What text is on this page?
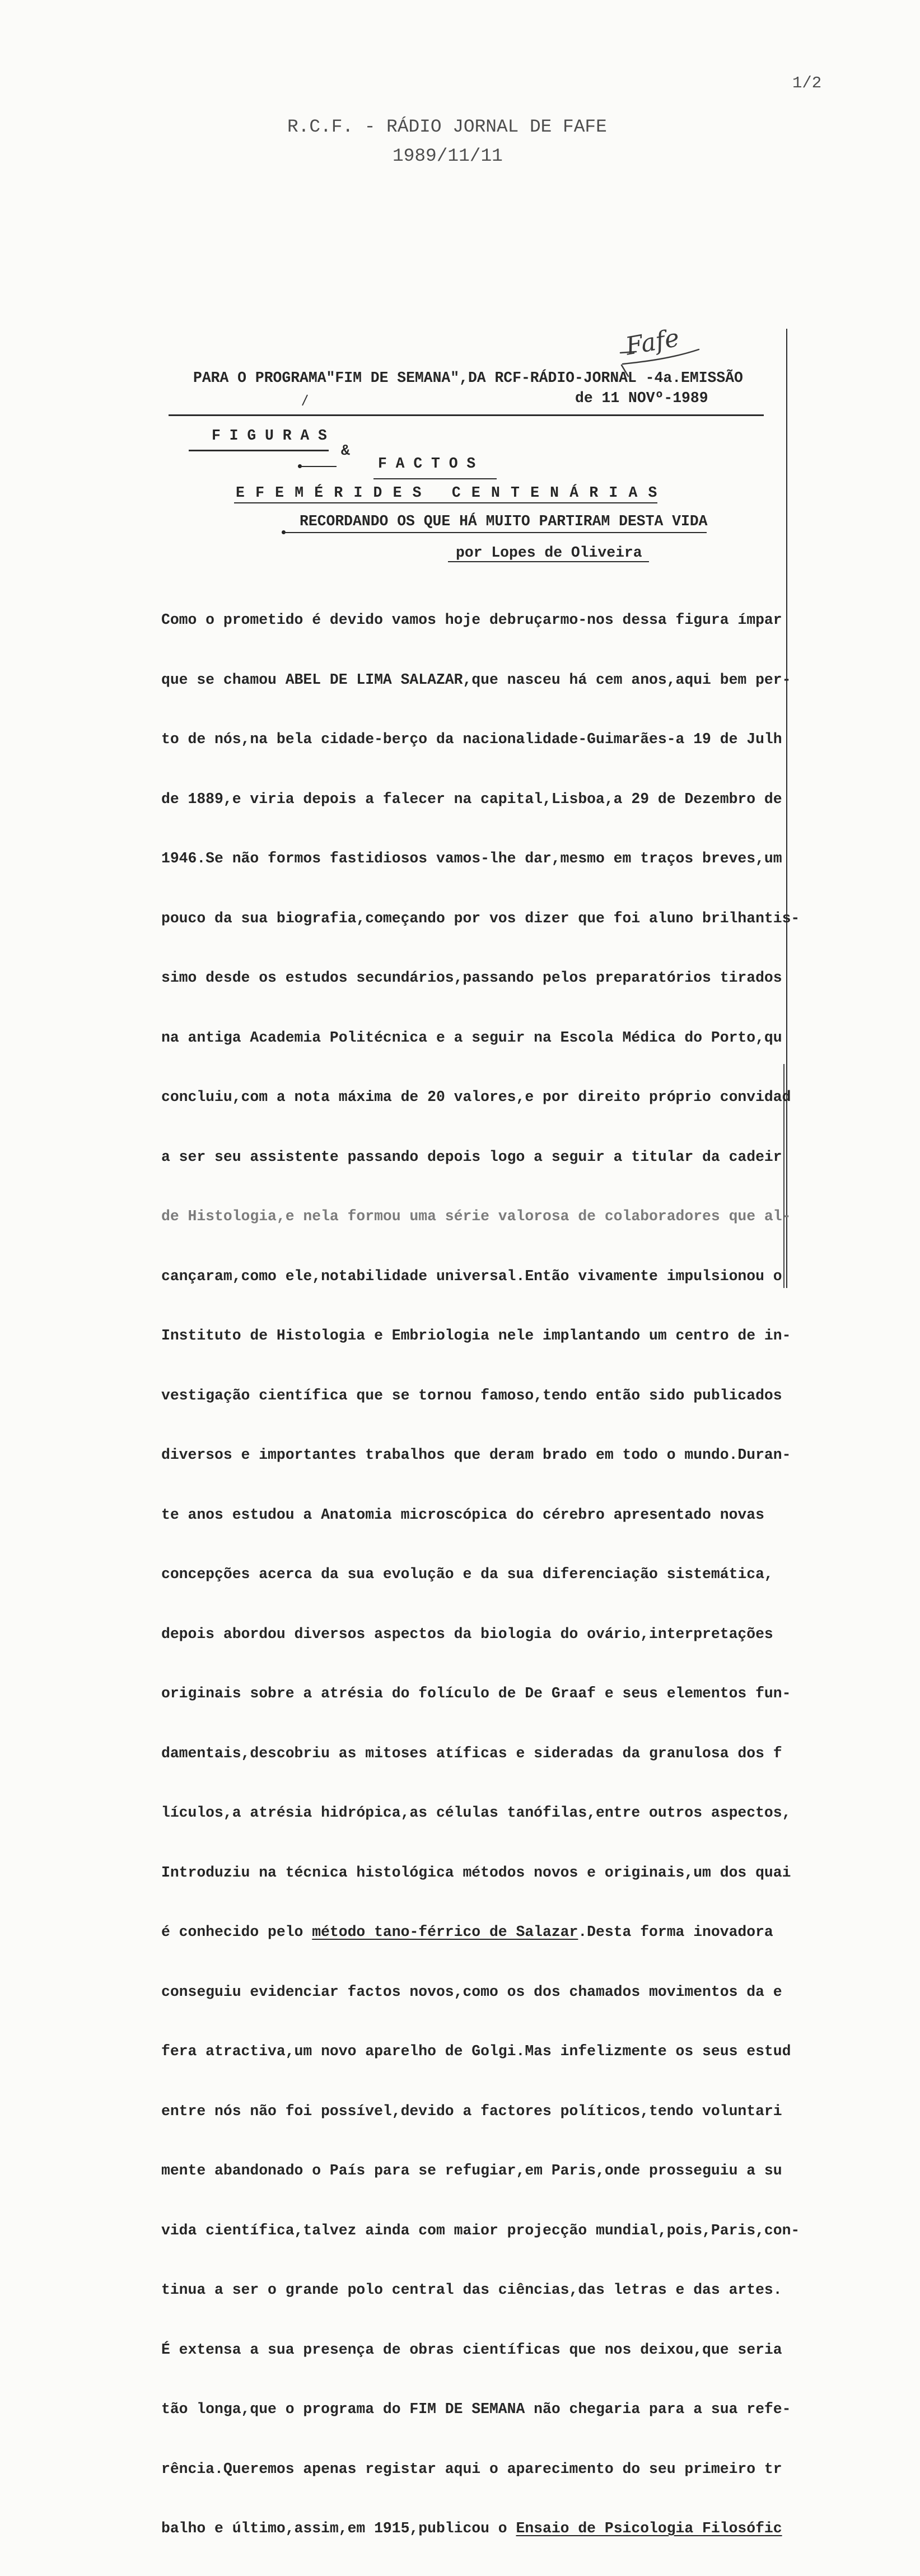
1/2
R.C.F. - RÁDIO JORNAL DE FAFE
1989/11/11
Fafe
PARA O PROGRAMA"FIM DE SEMANA",DA RCF-RÁDIO-JORNAL -4a.EMISSÃO
de 11 NOVº-1989
F I G U R A S
&
F A C T O S
E F E M É R I D E S   C E N T E N Á R I A S
RECORDANDO OS QUE HÁ MUITO PARTIRAM DESTA VIDA
por Lopes de Oliveira

Como o prometido é devido vamos hoje debruçarmo-nos dessa figura ímpar

que se chamou ABEL DE LIMA SALAZAR,que nasceu há cem anos,aqui bem per-

to de nós,na bela cidade-berço da nacionalidade-Guimarães-a 19 de Julh

de 1889,e viria depois a falecer na capital,Lisboa,a 29 de Dezembro de

1946.Se não formos fastidiosos vamos-lhe dar,mesmo em traços breves,um

pouco da sua biografia,começando por vos dizer que foi aluno brilhantis-

simo desde os estudos secundários,passando pelos preparatórios tirados

na antiga Academia Politécnica e a seguir na Escola Médica do Porto,qu

concluiu,com a nota máxima de 20 valores,e por direito próprio convidad

a ser seu assistente passando depois logo a seguir a titular da cadeir

de Histologia,e nela formou uma série valorosa de colaboradores que al-

cançaram,como ele,notabilidade universal.Então vivamente impulsionou o

Instituto de Histologia e Embriologia nele implantando um centro de in-

vestigação científica que se tornou famoso,tendo então sido publicados

diversos e importantes trabalhos que deram brado em todo o mundo.Duran-

te anos estudou a Anatomia microscópica do cérebro apresentado novas

concepções acerca da sua evolução e da sua diferenciação sistemática,

depois abordou diversos aspectos da biologia do ovário,interpretações

originais sobre a atrésia do folículo de De Graaf e seus elementos fun-

damentais,descobriu as mitoses atíficas e sideradas da granulosa dos f

lículos,a atrésia hidrópica,as células tanófilas,entre outros aspectos,

Introduziu na técnica histológica métodos novos e originais,um dos quai

é conhecido pelo método tano-férrico de Salazar.Desta forma inovadora

conseguiu evidenciar factos novos,como os dos chamados movimentos da e

fera atractiva,um novo aparelho de Golgi.Mas infelizmente os seus estud

entre nós não foi possível,devido a factores políticos,tendo voluntari

mente abandonado o País para se refugiar,em Paris,onde prosseguiu a su

vida científica,talvez ainda com maior projecção mundial,pois,Paris,con-

tinua a ser o grande polo central das ciências,das letras e das artes.

É extensa a sua presença de obras científicas que nos deixou,que seria

tão longa,que o programa do FIM DE SEMANA não chegaria para a sua refe-

rência.Queremos apenas registar aqui o aparecimento do seu primeiro tr

balho e último,assim,em 1915,publicou o Ensaio de Psicologia Filosófic
